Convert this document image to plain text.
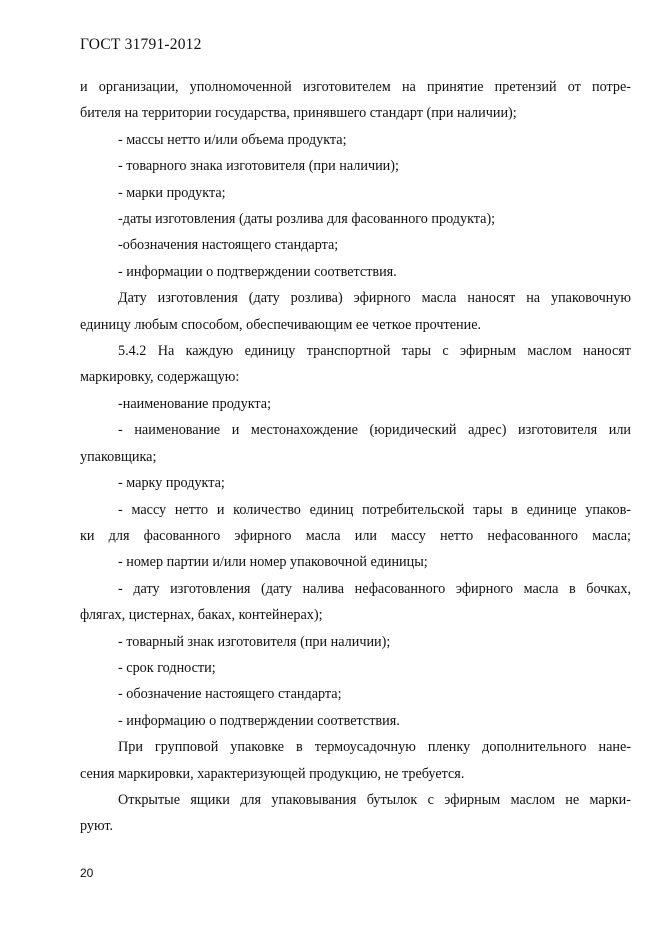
ГОСТ 31791-2012

и организации, уполномоченной изготовителем на принятие претензий от потре-

бителя на территории государства, принявшего стандарт (при наличии);

- массы нетто и/или объема продукта;

- товарного знака изготовителя (при наличии);

- марки продукта;

-даты изготовления (даты розлива для фасованного продукта);

-обозначения настоящего стандарта;

- информации о подтверждении соответствия.

Дату изготовления (дату розлива) эфирного масла наносят на упаковочную

единицу любым способом, обеспечивающим ее четкое прочтение.

5.4.2 На каждую единицу транспортной тары с эфирным маслом наносят

маркировку, содержащую:

-наименование продукта;

- наименование и местонахождение (юридический адрес) изготовителя или

упаковщика;

- марку продукта;

- массу нетто и количество единиц потребительской тары в единице упаков-

ки для фасованного эфирного масла или массу нетто нефасованного масла;

- номер партии и/или номер упаковочной единицы;

- дату изготовления (дату налива нефасованного эфирного масла в бочках,

флягах, цистернах, баках, контейнерах);

- товарный знак изготовителя (при наличии);

- срок годности;

- обозначение настоящего стандарта;

- информацию о подтверждении соответствия.

При групповой упаковке в термоусадочную пленку дополнительного нане-

сения маркировки, характеризующей продукцию, не требуется.

Открытые ящики для упаковывания бутылок с эфирным маслом не марки-

руют.

20
